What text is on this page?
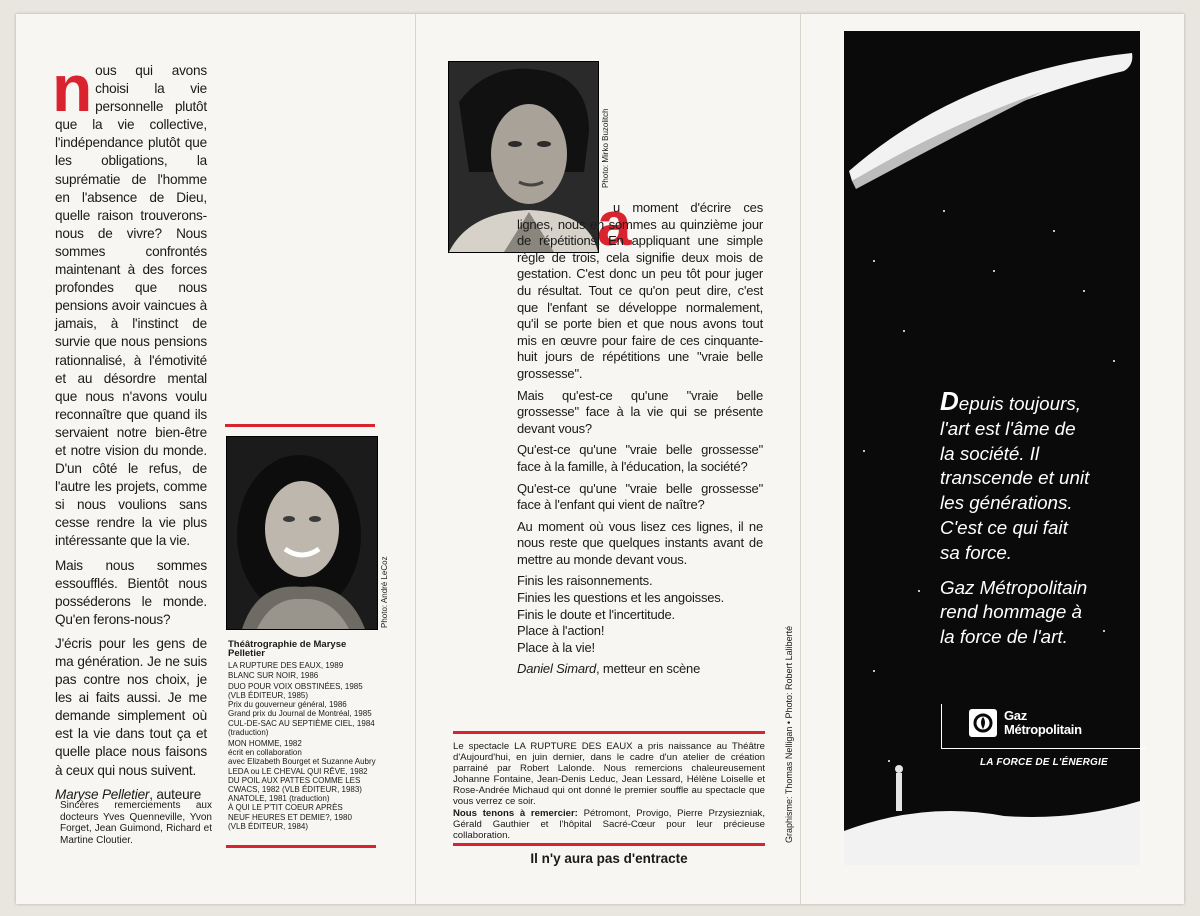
n ous qui avons choisi la vie personnelle plutôt que la vie collective, l'indépendance plutôt que les obligations, la suprématie de l'homme en l'absence de Dieu, quelle raison trouverons-nous de vivre? Nous sommes confrontés maintenant à des forces profondes que nous pensions avoir vaincues à jamais, à l'instinct de survie que nous pensions rationnalisé, à l'émotivité et au désordre mental que nous n'avons voulu reconnaître que quand ils servaient notre bien-être et notre vision du monde. D'un côté le refus, de l'autre les projets, comme si nous voulions sans cesse rendre la vie plus intéressante que la vie.

Mais nous sommes essoufflés. Bientôt nous posséderons le monde. Qu'en ferons-nous?

J'écris pour les gens de ma génération. Je ne suis pas contre nos choix, je les ai faits aussi. Je me demande simplement où est la vie dans tout ça et quelle place nous faisons à ceux qui nous suivent.

Maryse Pelletier, auteure

Photo: André LeCoz
Théâtrographie de Maryse Pelletier
LA RUPTURE DES EAUX, 1989
BLANC SUR NOIR, 1986
DUO POUR VOIX OBSTINÉES, 1985
(VLB ÉDITEUR, 1985)
Prix du gouverneur général, 1986
Grand prix du Journal de Montréal, 1985
CUL-DE-SAC AU SEPTIÈME CIEL, 1984
(traduction)
MON HOMME, 1982
écrit en collaboration
avec Elizabeth Bourget et Suzanne Aubry
LEDA ou LE CHEVAL QUI RÊVE, 1982
DU POIL AUX PATTES COMME LES
CWACS, 1982 (VLB ÉDITEUR, 1983)
ANATOLE, 1981 (traduction)
À QUI LE P'TIT COEUR APRÈS
NEUF HEURES ET DEMIE?, 1980
(VLB ÉDITEUR, 1984)
Sincères remerciements aux docteurs Yves Quenneville, Yvon Forget, Jean Guimond, Richard et Martine Cloutier.
Photo: Mirko Buzolitch
a

u moment d'écrire ces lignes, nous en sommes au quinzième jour de répétitions. En appliquant une simple règle de trois, cela signifie deux mois de gestation. C'est donc un peu tôt pour juger du résultat. Tout ce qu'on peut dire, c'est que l'enfant se développe normalement, qu'il se porte bien et que nous avons tout mis en œuvre pour faire de ces cinquante-huit jours de répétitions une "vraie belle grossesse".

Mais qu'est-ce qu'une "vraie belle grossesse" face à la vie qui se présente devant vous?

Qu'est-ce qu'une "vraie belle grossesse" face à la famille, à l'éducation, la société?

Qu'est-ce qu'une "vraie belle grossesse" face à l'enfant qui vient de naître?

Au moment où vous lisez ces lignes, il ne nous reste que quelques instants avant de mettre au monde devant vous.

Finis les raisonnements.
Finies les questions et les angoisses.
Finis le doute et l'incertitude.
Place à l'action!
Place à la vie!
Daniel Simard, metteur en scène
Le spectacle LA RUPTURE DES EAUX a pris naissance au Théâtre d'Aujourd'hui, en juin dernier, dans le cadre d'un atelier de création parrainé par Robert Lalonde. Nous remercions chaleureusement Johanne Fontaine, Jean-Denis Leduc, Jean Lessard, Hélène Loiselle et Rose-Andrée Michaud qui ont donné le premier souffle au spectacle que vous verrez ce soir.
Nous tenons à remercier: Pétromont, Provigo, Pierre Przysiezniak, Gérald Gauthier et l'hôpital Sacré-Cœur pour leur précieuse collaboration.
Il n'y aura pas d'entracte
Graphisme: Thomas Nelligan • Photo: Robert Laliberté

Depuis toujours,
l'art est l'âme de
la société. Il
transcende et unit
les générations.
C'est ce qui fait
sa force.

Gaz Métropolitain
rend hommage à
la force de l'art.

Gaz
Métropolitain
LA FORCE DE L'ÉNERGIE
